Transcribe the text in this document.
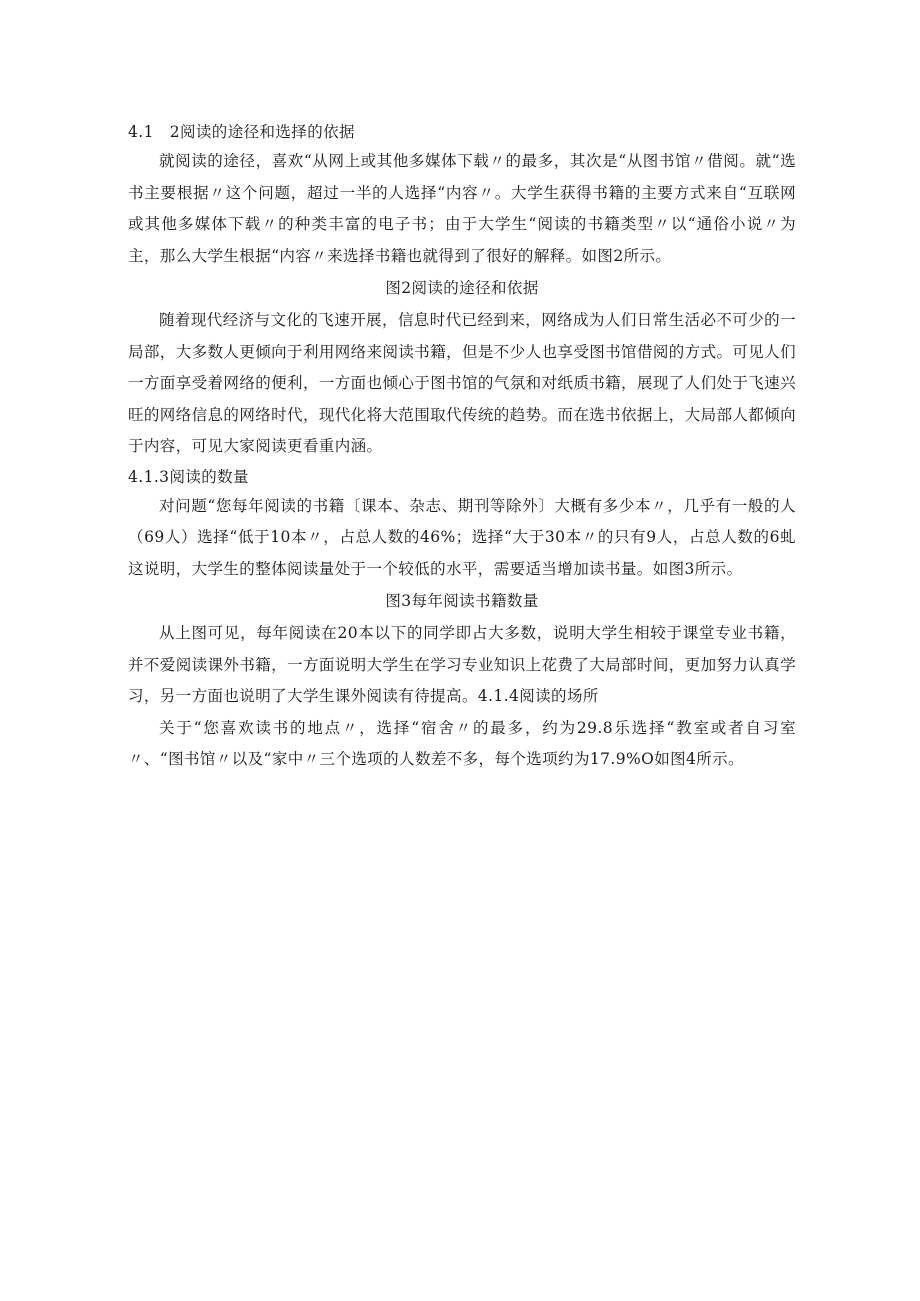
4.1　2阅读的途径和选择的依据

就阅读的途径，喜欢“从网上或其他多媒体下载〃的最多，其次是“从图书馆〃借阅。就“选书主要根据〃这个问题，超过一半的人选择“内容〃。大学生获得书籍的主要方式来自“互联网或其他多媒体下载〃的种类丰富的电子书；由于大学生“阅读的书籍类型〃以“通俗小说〃为主，那么大学生根据“内容〃来选择书籍也就得到了很好的解释。如图2所示。

图2阅读的途径和依据

随着现代经济与文化的飞速开展，信息时代已经到来，网络成为人们日常生活必不可少的一局部，大多数人更倾向于利用网络来阅读书籍，但是不少人也享受图书馆借阅的方式。可见人们一方面享受着网络的便利，一方面也倾心于图书馆的气氛和对纸质书籍，展现了人们处于飞速兴旺的网络信息的网络时代，现代化将大范围取代传统的趋势。而在选书依据上，大局部人都倾向于内容，可见大家阅读更看重内涵。

4.1.3阅读的数量

对问题“您每年阅读的书籍〔课本、杂志、期刊等除外〕大概有多少本〃，几乎有一般的人（69人）选择“低于10本〃，占总人数的46%；选择“大于30本〃的只有9人，占总人数的6虬这说明，大学生的整体阅读量处于一个较低的水平，需要适当增加读书量。如图3所示。

图3每年阅读书籍数量

从上图可见，每年阅读在20本以下的同学即占大多数，说明大学生相较于课堂专业书籍，并不爱阅读课外书籍，一方面说明大学生在学习专业知识上花费了大局部时间，更加努力认真学习，另一方面也说明了大学生课外阅读有待提高。4.1.4阅读的场所

关于“您喜欢读书的地点〃，选择“宿舍〃的最多，约为29.8乐选择“教室或者自习室〃、“图书馆〃以及“家中〃三个选项的人数差不多，每个选项约为17.9%O如图4所示。
